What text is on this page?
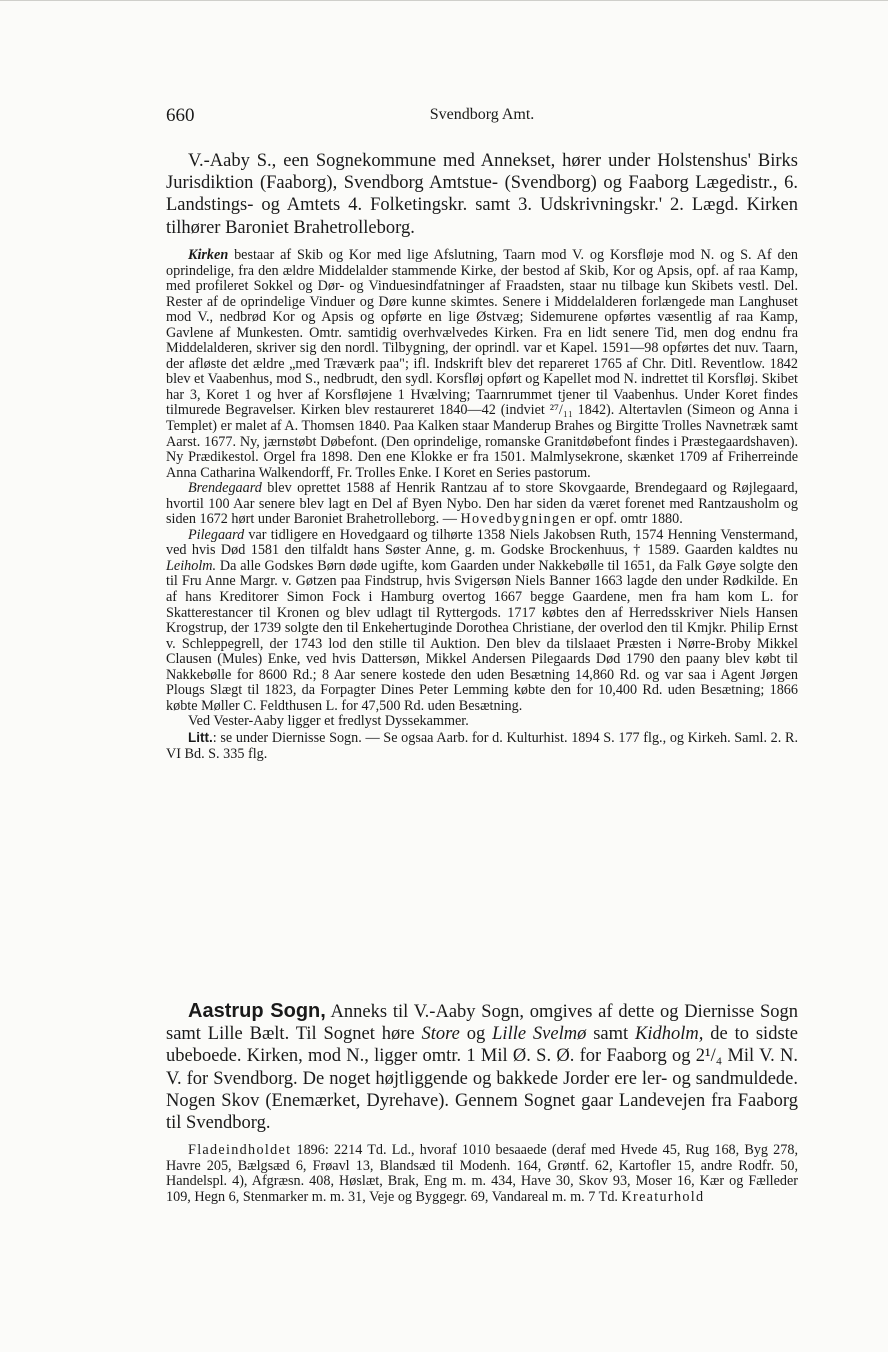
660	Svendborg Amt.

V.-Aaby S., een Sognekommune med Annekset, hører under Holstenshus' Birks Jurisdiktion (Faaborg), Svendborg Amtstue- (Svendborg) og Faaborg Lægedistr., 6. Landstings- og Amtets 4. Folketingskr. samt 3. Udskrivningskr.' 2. Lægd. Kirken tilhører Baroniet Brahetrolleborg.

Kirken bestaar af Skib og Kor med lige Afslutning, Taarn mod V. og Korsfløje mod N. og S. Af den oprindelige, fra den ældre Middelalder stammende Kirke, der bestod af Skib, Kor og Apsis, opf. af raa Kamp, med profileret Sokkel og Dør- og Vinduesindfatninger af Fraadsten, staar nu tilbage kun Skibets vestl. Del. Rester af de oprindelige Vinduer og Døre kunne skimtes. Senere i Middelalderen forlængede man Langhuset mod V., nedbrød Kor og Apsis og opførte en lige Østvæg; Sidemurene opførtes væsentlig af raa Kamp, Gavlene af Munkesten. Omtr. samtidig overhvælvedes Kirken. Fra en lidt senere Tid, men dog endnu fra Middelalderen, skriver sig den nordl. Tilbygning, der oprindl. var et Kapel. 1591—98 opførtes det nuv. Taarn, der afløste det ældre „med Træværk paa"; ifl. Indskrift blev det repareret 1765 af Chr. Ditl. Reventlow. 1842 blev et Vaabenhus, mod S., nedbrudt, den sydl. Korsfløj opført og Kapellet mod N. indrettet til Korsfløj. Skibet har 3, Koret 1 og hver af Korsfløjene 1 Hvælving; Taarnrummet tjener til Vaabenhus. Under Koret findes tilmurede Begravelser. Kirken blev restaureret 1840—42 (indviet ²⁷/₁₁ 1842). Altertavlen (Simeon og Anna i Templet) er malet af A. Thomsen 1840. Paa Kalken staar Manderup Brahes og Birgitte Trolles Navnetræk samt Aarst. 1677. Ny, jærnstøbt Døbefont. (Den oprindelige, romanske Granitdøbefont findes i Præstegaardshaven). Ny Prædikestol. Orgel fra 1898. Den ene Klokke er fra 1501. Malmlysekrone, skænket 1709 af Friherreinde Anna Catharina Walkendorff, Fr. Trolles Enke. I Koret en Series pastorum.

Brendegaard blev oprettet 1588 af Henrik Rantzau af to store Skovgaarde, Brendegaard og Røjlegaard, hvortil 100 Aar senere blev lagt en Del af Byen Nybo. Den har siden da været forenet med Rantzausholm og siden 1672 hørt under Baroniet Brahetrolleborg. — Hovedbygningen er opf. omtr 1880.

Pilegaard var tidligere en Hovedgaard og tilhørte 1358 Niels Jakobsen Ruth, 1574 Henning Venstermand, ved hvis Død 1581 den tilfaldt hans Søster Anne, g. m. Godske Brockenhuus, † 1589. Gaarden kaldtes nu Leiholm. Da alle Godskes Børn døde ugifte, kom Gaarden under Nakkebølle til 1651, da Falk Gøye solgte den til Fru Anne Margr. v. Gøtzen paa Findstrup, hvis Svigersøn Niels Banner 1663 lagde den under Rødkilde. En af hans Kreditorer Simon Fock i Hamburg overtog 1667 begge Gaardene, men fra ham kom L. for Skatterestancer til Kronen og blev udlagt til Ryttergods. 1717 købtes den af Herredsskriver Niels Hansen Krogstrup, der 1739 solgte den til Enkehertuginde Dorothea Christiane, der overlod den til Kmjkr. Philip Ernst v. Schleppegrell, der 1743 lod den stille til Auktion. Den blev da tilslaaet Præsten i Nørre-Broby Mikkel Clausen (Mules) Enke, ved hvis Dattersøn, Mikkel Andersen Pilegaards Død 1790 den paany blev købt til Nakkebølle for 8600 Rd.; 8 Aar senere kostede den uden Besætning 14,860 Rd. og var saa i Agent Jørgen Plougs Slægt til 1823, da Forpagter Dines Peter Lemming købte den for 10,400 Rd. uden Besætning; 1866 købte Møller C. Feldthusen L. for 47,500 Rd. uden Besætning.

Ved Vester-Aaby ligger et fredlyst Dyssekammer.

Litt.: se under Diernisse Sogn. — Se ogsaa Aarb. for d. Kulturhist. 1894 S. 177 flg., og Kirkeh. Saml. 2. R. VI Bd. S. 335 flg.

Aastrup Sogn, Anneks til V.-Aaby Sogn, omgives af dette og Diernisse Sogn samt Lille Bælt. Til Sognet høre Store og Lille Svelmø samt Kidholm, de to sidste ubeboede. Kirken, mod N., ligger omtr. 1 Mil Ø. S. Ø. for Faaborg og 2¹/₄ Mil V. N. V. for Svendborg. De noget højtliggende og bakkede Jorder ere ler- og sandmuldede. Nogen Skov (Enemærket, Dyrehave). Gennem Sognet gaar Landevejen fra Faaborg til Svendborg.

Fladeindholdet 1896: 2214 Td. Ld., hvoraf 1010 besaaede (deraf med Hvede 45, Rug 168, Byg 278, Havre 205, Bælgsæd 6, Frøavl 13, Blandsæd til Modenh. 164, Grøntf. 62, Kartofler 15, andre Rodfr. 50, Handelspl. 4), Afgræsn. 408, Høslæt, Brak, Eng m. m. 434, Have 30, Skov 93, Moser 16, Kær og Fælleder 109, Hegn 6, Stenmarker m. m. 31, Veje og Byggegr. 69, Vandareal m. m. 7 Td. Kreaturhold
